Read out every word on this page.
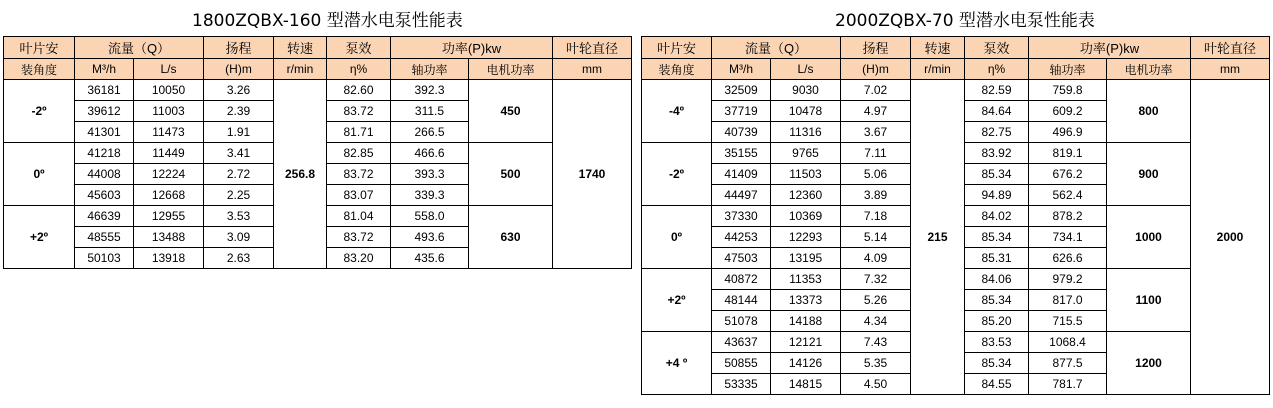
1800ZQBX-160 型潜水电泵性能表	2000ZQBX-70 型潜水电泵性能表
叶片安	流量（Q）		扬程	转速	泵效	功率(P)kw		叶轮直径
装角度	M³/h	L/s	(H)m	r/min	η%	轴功率	电机功率	mm
-2º	36181	10050	3.26	256.8	82.60	392.3	450	1740
	39612	11003	2.39		83.72	311.5		
	41301	11473	1.91		81.71	266.5		
0º	41218	11449	3.41		82.85	466.6	500	
	44008	12224	2.72		83.72	393.3		
	45603	12668	2.25		83.07	339.3		
+2º	46639	12955	3.53		81.04	558.0	630	
	48555	13488	3.09		83.72	493.6		
	50103	13918	2.63		83.20	435.6		
叶片安	流量（Q）		扬程	转速	泵效	功率(P)kw		叶轮直径
装角度	M³/h	L/s	(H)m	r/min	η%	轴功率	电机功率	mm
-4º	32509	9030	7.02	215	82.59	759.8	800	2000
	37719	10478	4.97		84.64	609.2		
	40739	11316	3.67		82.75	496.9		
-2º	35155	9765	7.11		83.92	819.1	900	
	41409	11503	5.06		85.34	676.2		
	44497	12360	3.89		94.89	562.4		
0º	37330	10369	7.18		84.02	878.2	1000	
	44253	12293	5.14		85.34	734.1		
	47503	13195	4.09		85.31	626.6		
+2º	40872	11353	7.32		84.06	979.2	1100	
	48144	13373	5.26		85.34	817.0		
	51078	14188	4.34		85.20	715.5		
+4 º	43637	12121	7.43		83.53	1068.4	1200	
	50855	14126	5.35		85.34	877.5		
	53335	14815	4.50		84.55	781.7		
